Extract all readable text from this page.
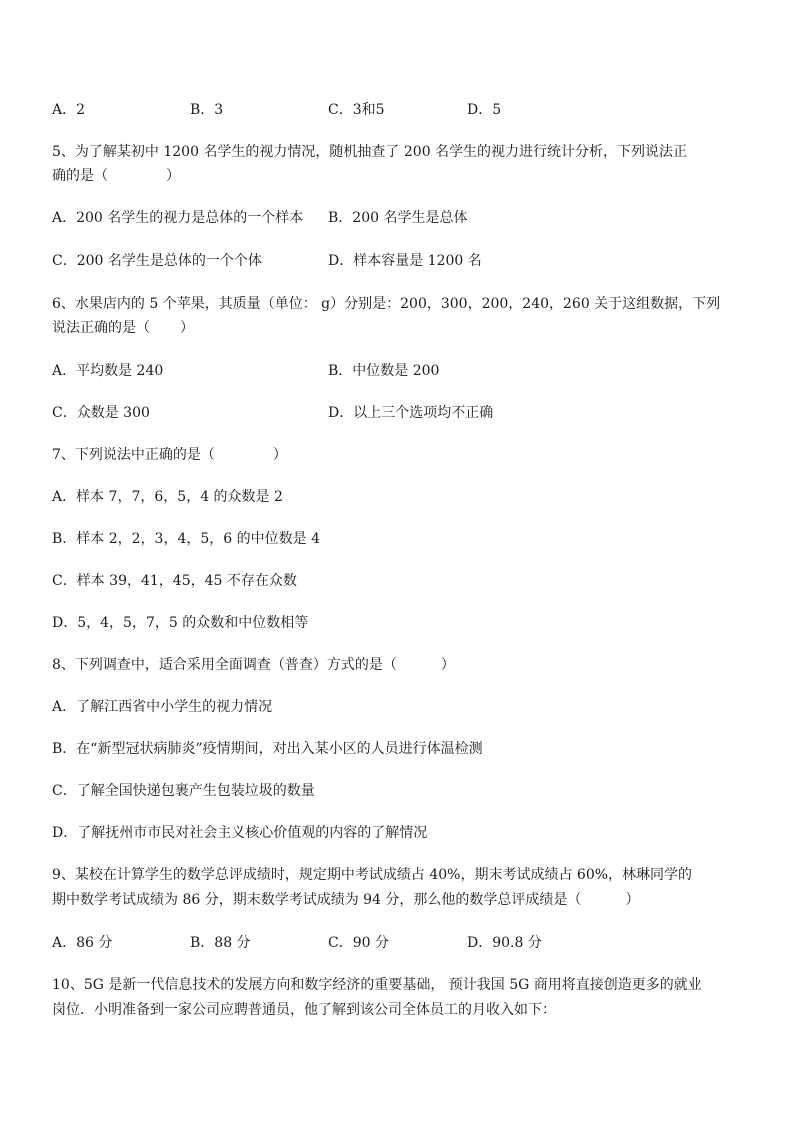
A．2	B．3	C．3和5	D．5
5、为了解某初中 1200 名学生的视力情况，随机抽查了 200 名学生的视力进行统计分析，下列说法正
确的是（	）
A．200 名学生的视力是总体的一个样本 B．200 名学生是总体
C．200 名学生是总体的一个个体	D．样本容量是 1200 名
6、水果店内的 5 个苹果，其质量（单位： g）分别是：200，300，200，240，260 关于这组数据，下列
说法正确的是（ ）
A．平均数是 240	B．中位数是 200
C．众数是 300	D．以上三个选项均不正确
7、下列说法中正确的是（	）
A．样本 7，7，6，5，4 的众数是 2
B．样本 2，2，3，4，5，6 的中位数是 4
C．样本 39，41，45，45 不存在众数
D．5，4，5，7，5 的众数和中位数相等
8、下列调查中，适合采用全面调查（普查）方式的是（	）
A．了解江西省中小学生的视力情况
B．在“新型冠状病肺炎”疫情期间，对出入某小区的人员进行体温检测
C．了解全国快递包裹产生包装垃圾的数量
D．了解抚州市市民对社会主义核心价值观的内容的了解情况
9、某校在计算学生的数学总评成绩时，规定期中考试成绩占 40%，期末考试成绩占 60%，林琳同学的
期中数学考试成绩为 86 分，期末数学考试成绩为 94 分，那么他的数学总评成绩是（	）
A．86 分	B．88 分	C．90 分	D．90.8 分
10、5G 是新一代信息技术的发展方向和数字经济的重要基础， 预计我国 5G 商用将直接创造更多的就业
岗位．小明准备到一家公司应聘普通员，他了解到该公司全体员工的月收入如下：
